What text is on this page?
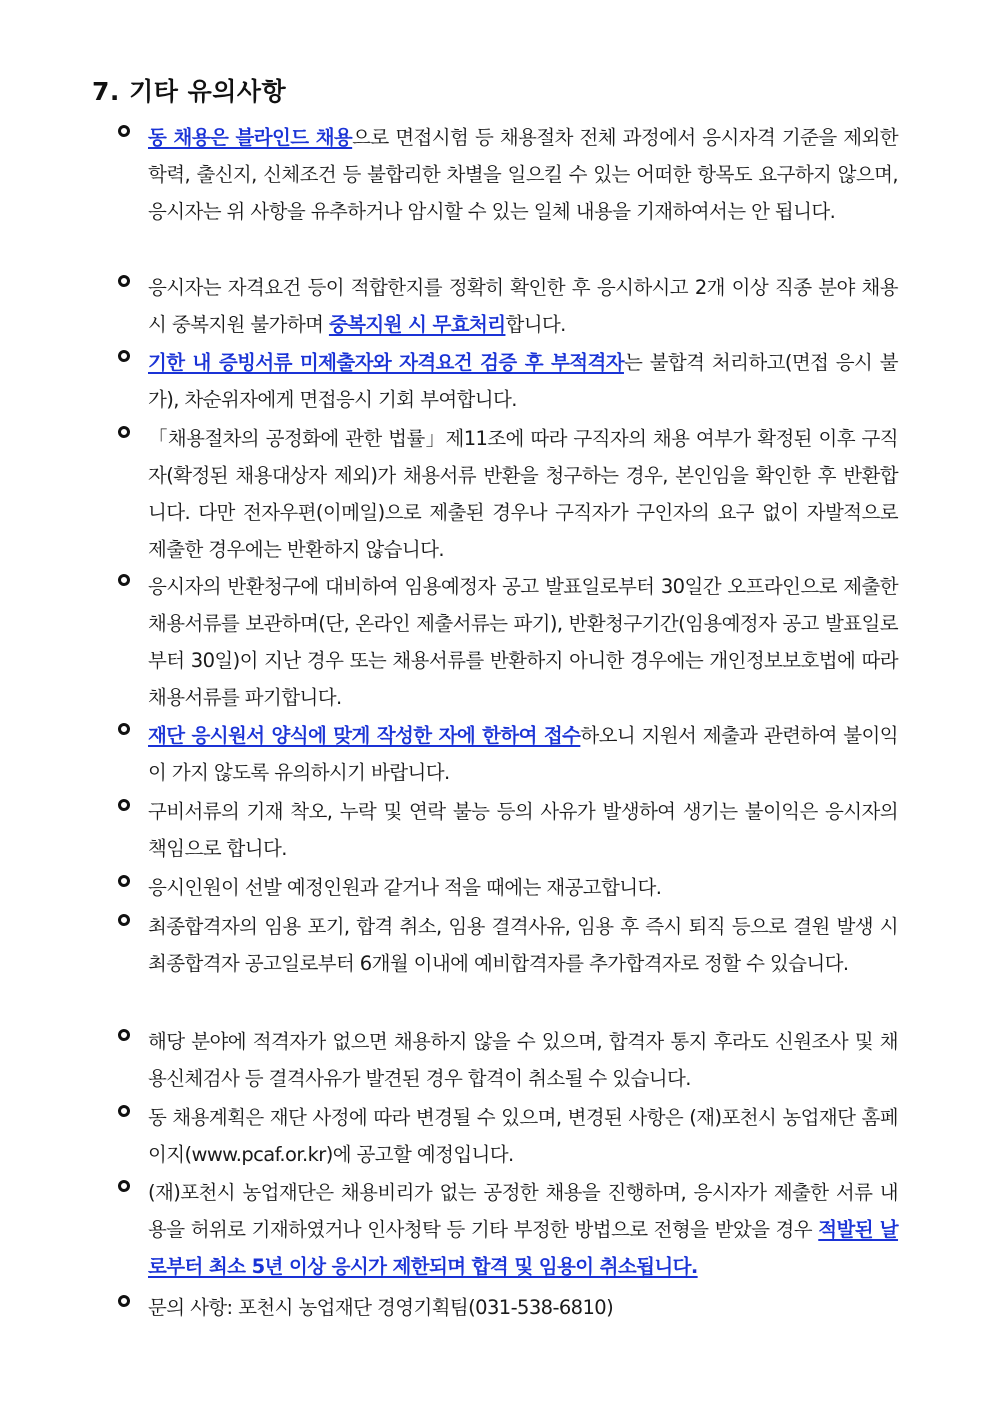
7. 기타 유의사항
동 채용은 블라인드 채용으로 면접시험 등 채용절차 전체 과정에서 응시자격 기준을 제외한 학력, 출신지, 신체조건 등 불합리한 차별을 일으킬 수 있는 어떠한 항목도 요구하지 않으며, 응시자는 위 사항을 유추하거나 암시할 수 있는 일체 내용을 기재하여서는 안 됩니다.
응시자는 자격요건 등이 적합한지를 정확히 확인한 후 응시하시고 2개 이상 직종 분야 채용 시 중복지원 불가하며 중복지원 시 무효처리합니다.
기한 내 증빙서류 미제출자와 자격요건 검증 후 부적격자는 불합격 처리하고(면접 응시 불가), 차순위자에게 면접응시 기회 부여합니다.
「채용절차의 공정화에 관한 법률」제11조에 따라 구직자의 채용 여부가 확정된 이후 구직자(확정된 채용대상자 제외)가 채용서류 반환을 청구하는 경우, 본인임을 확인한 후 반환합니다. 다만 전자우편(이메일)으로 제출된 경우나 구직자가 구인자의 요구 없이 자발적으로 제출한 경우에는 반환하지 않습니다.
응시자의 반환청구에 대비하여 임용예정자 공고 발표일로부터 30일간 오프라인으로 제출한 채용서류를 보관하며(단, 온라인 제출서류는 파기), 반환청구기간(임용예정자 공고 발표일로부터 30일)이 지난 경우 또는 채용서류를 반환하지 아니한 경우에는 개인정보보호법에 따라 채용서류를 파기합니다.
재단 응시원서 양식에 맞게 작성한 자에 한하여 접수하오니 지원서 제출과 관련하여 불이익이 가지 않도록 유의하시기 바랍니다.
구비서류의 기재 착오, 누락 및 연락 불능 등의 사유가 발생하여 생기는 불이익은 응시자의 책임으로 합니다.
응시인원이 선발 예정인원과 같거나 적을 때에는 재공고합니다.
최종합격자의 임용 포기, 합격 취소, 임용 결격사유, 임용 후 즉시 퇴직 등으로 결원 발생 시 최종합격자 공고일로부터 6개월 이내에 예비합격자를 추가합격자로 정할 수 있습니다.
해당 분야에 적격자가 없으면 채용하지 않을 수 있으며, 합격자 통지 후라도 신원조사 및 채용신체검사 등 결격사유가 발견된 경우 합격이 취소될 수 있습니다.
동 채용계획은 재단 사정에 따라 변경될 수 있으며, 변경된 사항은 (재)포천시 농업재단 홈페이지(www.pcaf.or.kr)에 공고할 예정입니다.
(재)포천시 농업재단은 채용비리가 없는 공정한 채용을 진행하며, 응시자가 제출한 서류 내용을 허위로 기재하였거나 인사청탁 등 기타 부정한 방법으로 전형을 받았을 경우 적발된 날로부터 최소 5년 이상 응시가 제한되며 합격 및 임용이 취소됩니다.
문의 사항: 포천시 농업재단 경영기획팀(031-538-6810)
